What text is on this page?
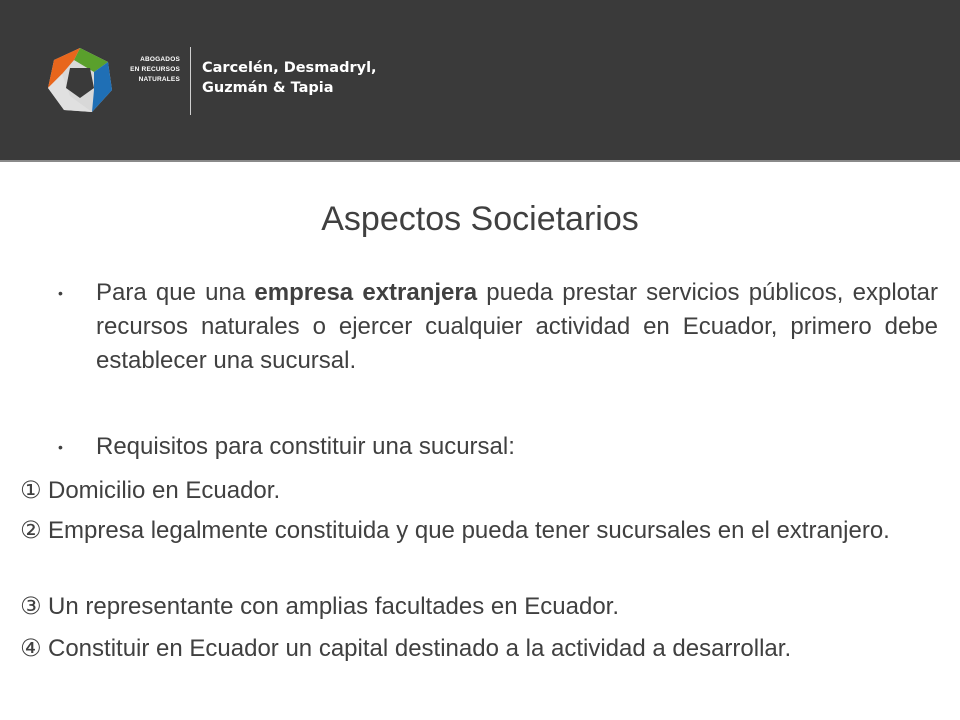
ABOGADOS
EN RECURSOS
NATURALES
Carcelén, Desmadryl,
Guzmán & Tapia
Aspectos Societarios
• Para que una empresa extranjera pueda prestar servicios públicos, explotar recursos naturales o ejercer cualquier actividad en Ecuador, primero debe establecer una sucursal.
• Requisitos para constituir una sucursal:
① Domicilio en Ecuador.
② Empresa legalmente constituida y que pueda tener sucursales en el extranjero.
③ Un representante con amplias facultades en Ecuador.
④ Constituir en Ecuador un capital destinado a la actividad a desarrollar.
